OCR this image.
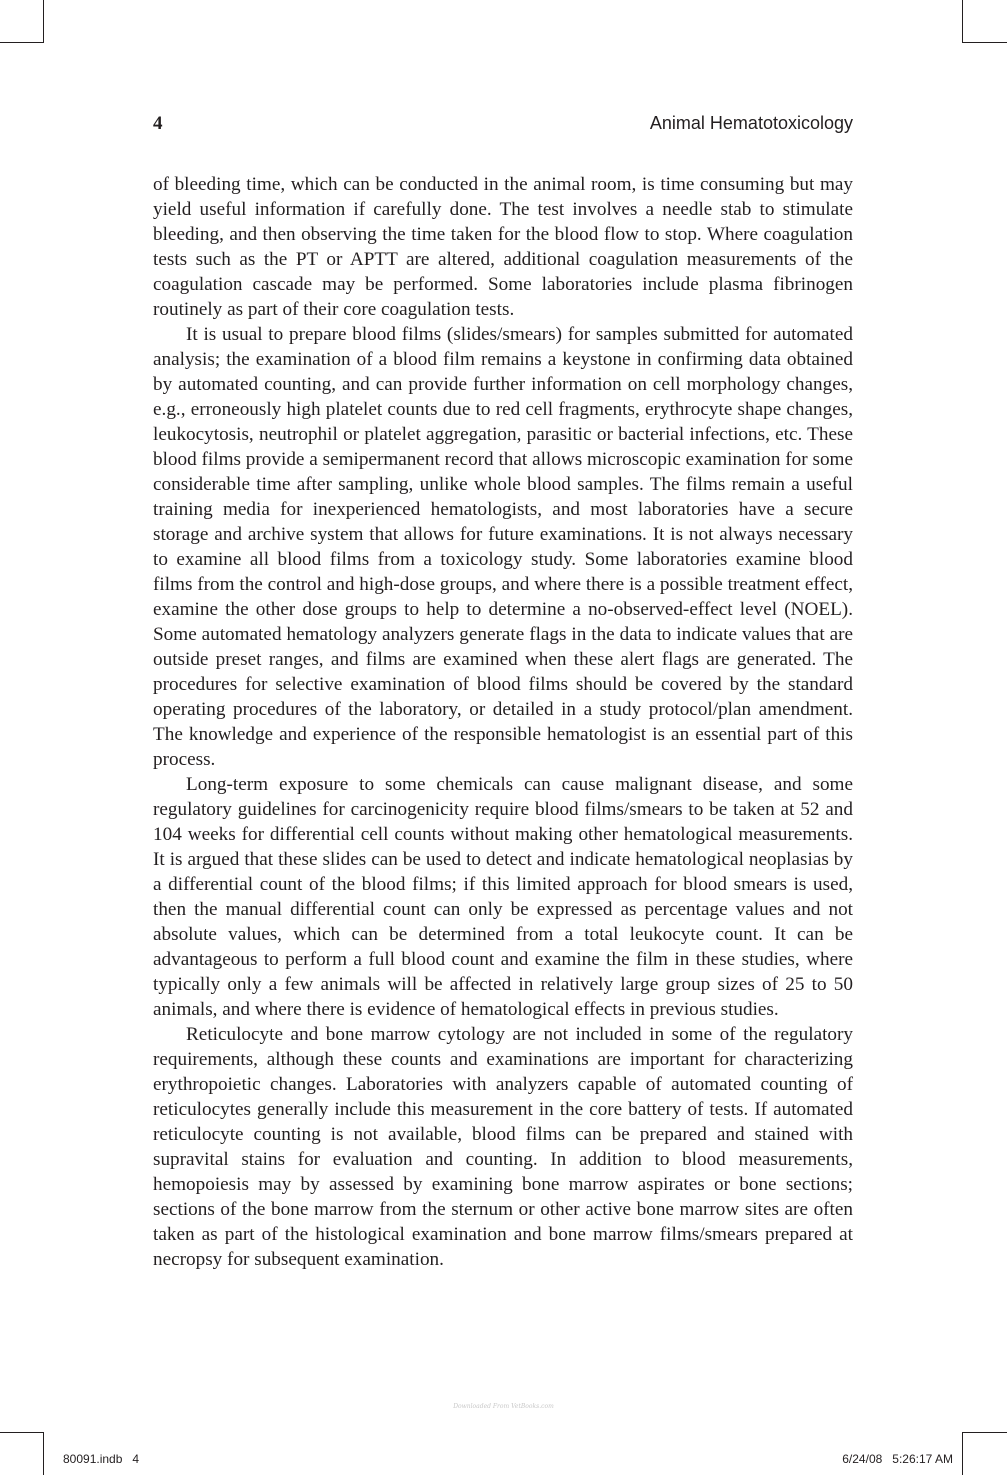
4	Animal Hematotoxicology

of bleeding time, which can be conducted in the animal room, is time consuming but may yield useful information if carefully done. The test involves a needle stab to stimulate bleeding, and then observing the time taken for the blood flow to stop. Where coagulation tests such as the PT or APTT are altered, additional coagulation measurements of the coagulation cascade may be performed. Some laboratories include plasma fibrinogen routinely as part of their core coagulation tests.

It is usual to prepare blood films (slides/smears) for samples submitted for automated analysis; the examination of a blood film remains a keystone in confirming data obtained by automated counting, and can provide further information on cell morphology changes, e.g., erroneously high platelet counts due to red cell fragments, erythrocyte shape changes, leukocytosis, neutrophil or platelet aggregation, parasitic or bacterial infections, etc. These blood films provide a semipermanent record that allows microscopic examination for some considerable time after sampling, unlike whole blood samples. The films remain a useful training media for inexperienced hematologists, and most laboratories have a secure storage and archive system that allows for future examinations. It is not always necessary to examine all blood films from a toxicology study. Some laboratories examine blood films from the control and high-dose groups, and where there is a possible treatment effect, examine the other dose groups to help to determine a no-observed-effect level (NOEL). Some automated hematology analyzers generate flags in the data to indicate values that are outside preset ranges, and films are examined when these alert flags are generated. The procedures for selective examination of blood films should be covered by the standard operating procedures of the laboratory, or detailed in a study protocol/plan amendment. The knowledge and experience of the responsible hematologist is an essential part of this process.

Long-term exposure to some chemicals can cause malignant disease, and some regulatory guidelines for carcinogenicity require blood films/smears to be taken at 52 and 104 weeks for differential cell counts without making other hematological measurements. It is argued that these slides can be used to detect and indicate hematological neoplasias by a differential count of the blood films; if this limited approach for blood smears is used, then the manual differential count can only be expressed as percentage values and not absolute values, which can be determined from a total leukocyte count. It can be advantageous to perform a full blood count and examine the film in these studies, where typically only a few animals will be affected in relatively large group sizes of 25 to 50 animals, and where there is evidence of hematological effects in previous studies.

Reticulocyte and bone marrow cytology are not included in some of the regulatory requirements, although these counts and examinations are important for characterizing erythropoietic changes. Laboratories with analyzers capable of automated counting of reticulocytes generally include this measurement in the core battery of tests. If automated reticulocyte counting is not available, blood films can be prepared and stained with supravital stains for evaluation and counting. In addition to blood measurements, hemopoiesis may by assessed by examining bone marrow aspirates or bone sections; sections of the bone marrow from the sternum or other active bone marrow sites are often taken as part of the histological examination and bone marrow films/smears prepared at necropsy for subsequent examination.

Downloaded From VetBooks.com
80091.indb   4	6/24/08   5:26:17 AM
